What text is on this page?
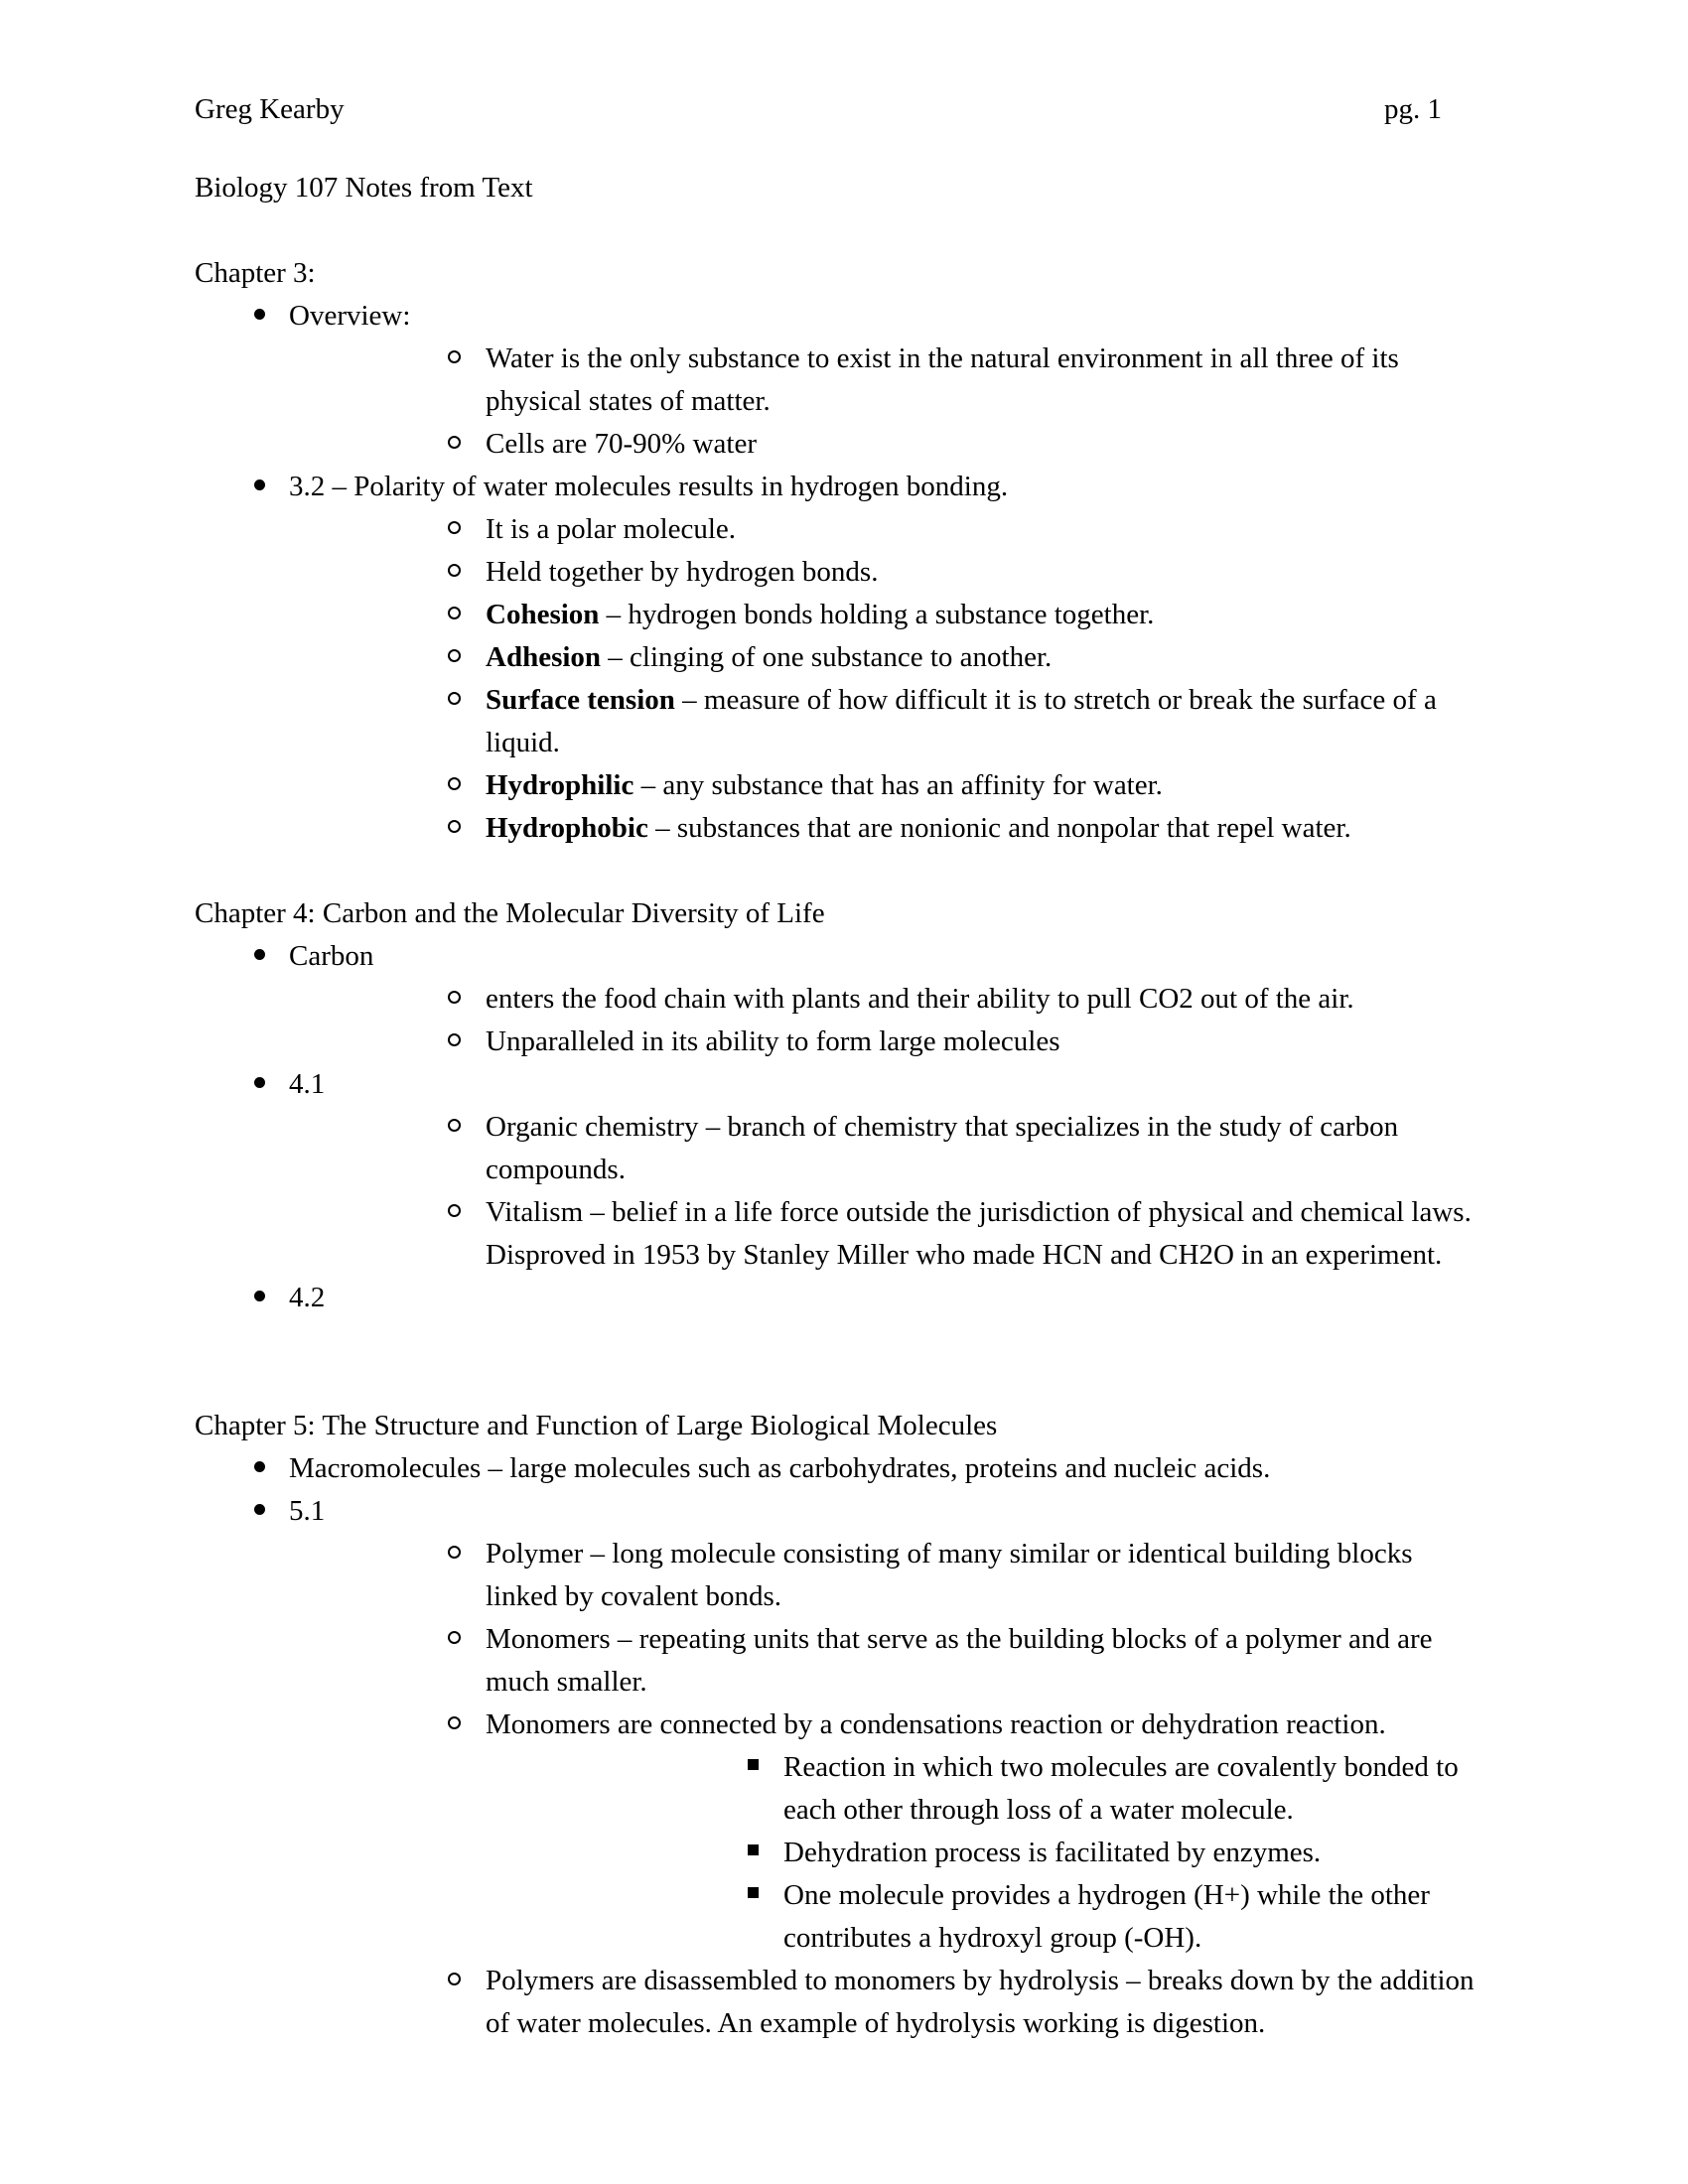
Greg Kearby	pg. 1
Biology 107 Notes from Text
Chapter 3:
Overview:
Water is the only substance to exist in the natural environment in all three of its physical states of matter.
Cells are 70-90% water
3.2 – Polarity of water molecules results in hydrogen bonding.
It is a polar molecule.
Held together by hydrogen bonds.
Cohesion – hydrogen bonds holding a substance together.
Adhesion – clinging of one substance to another.
Surface tension – measure of how difficult it is to stretch or break the surface of a liquid.
Hydrophilic – any substance that has an affinity for water.
Hydrophobic – substances that are nonionic and nonpolar that repel water.
Chapter 4: Carbon and the Molecular Diversity of Life
Carbon
enters the food chain with plants and their ability to pull CO2 out of the air.
Unparalleled in its ability to form large molecules
4.1
Organic chemistry – branch of chemistry that specializes in the study of carbon compounds.
Vitalism – belief in a life force outside the jurisdiction of physical and chemical laws. Disproved in 1953 by Stanley Miller who made HCN and CH2O in an experiment.
4.2
Chapter 5: The Structure and Function of Large Biological Molecules
Macromolecules – large molecules such as carbohydrates, proteins and nucleic acids.
5.1
Polymer – long molecule consisting of many similar or identical building blocks linked by covalent bonds.
Monomers – repeating units that serve as the building blocks of a polymer and are much smaller.
Monomers are connected by a condensations reaction or dehydration reaction.
Reaction in which two molecules are covalently bonded to each other through loss of a water molecule.
Dehydration process is facilitated by enzymes.
One molecule provides a hydrogen (H+) while the other contributes a hydroxyl group (-OH).
Polymers are disassembled to monomers by hydrolysis – breaks down by the addition of water molecules. An example of hydrolysis working is digestion.
